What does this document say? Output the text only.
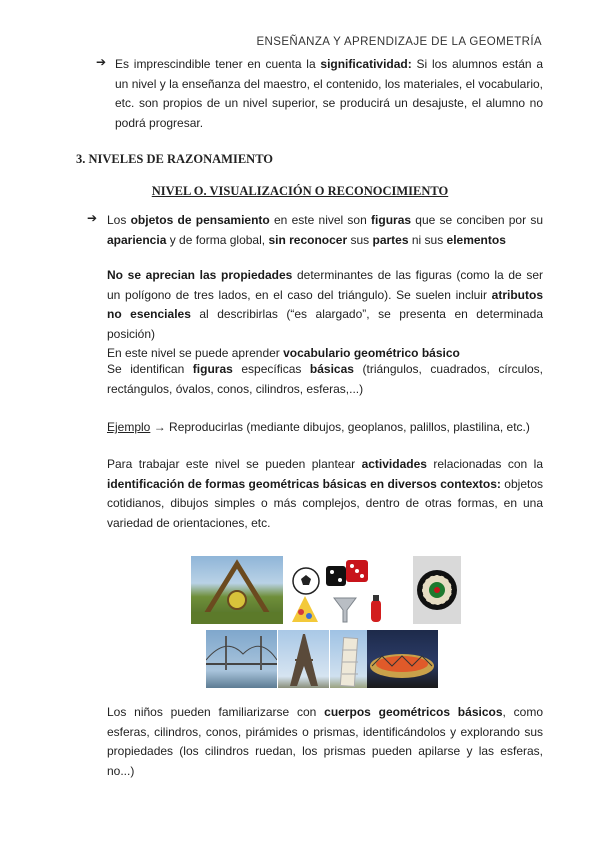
ENSEÑANZA Y APRENDIZAJE DE LA GEOMETRÍA
➔ Es imprescindible tener en cuenta la significatividad: Si los alumnos están a un nivel y la enseñanza del maestro, el contenido, los materiales, el vocabulario, etc. son propios de un nivel superior, se producirá un desajuste, el alumno no podrá progresar.
3. NIVELES DE RAZONAMIENTO
NIVEL O. VISUALIZACIÓN O RECONOCIMIENTO
➔ Los objetos de pensamiento en este nivel son figuras que se conciben por su apariencia y de forma global, sin reconocer sus partes ni sus elementos
No se aprecian las propiedades determinantes de las figuras (como la de ser un polígono de tres lados, en el caso del triángulo). Se suelen incluir atributos no esenciales al describirlas (“es alargado”, se presenta en determinada posición)
En este nivel se puede aprender vocabulario geométrico básico
Se identifican figuras específicas básicas (triángulos, cuadrados, círculos, rectángulos, óvalos, conos, cilindros, esferas,...)
Ejemplo → Reproducirlas (mediante dibujos, geoplanos, palillos, plastilina, etc.)
Para trabajar este nivel se pueden plantear actividades relacionadas con la identificación de formas geométricas básicas en diversos contextos: objetos cotidianos, dibujos simples o más complejos, dentro de otras formas, en una variedad de orientaciones, etc.
Los niños pueden familiarizarse con cuerpos geométricos básicos, como esferas, cilindros, conos, pirámides o prismas, identificándolos y explorando sus propiedades (los cilindros ruedan, los prismas pueden apilarse y las esferas, no...)
